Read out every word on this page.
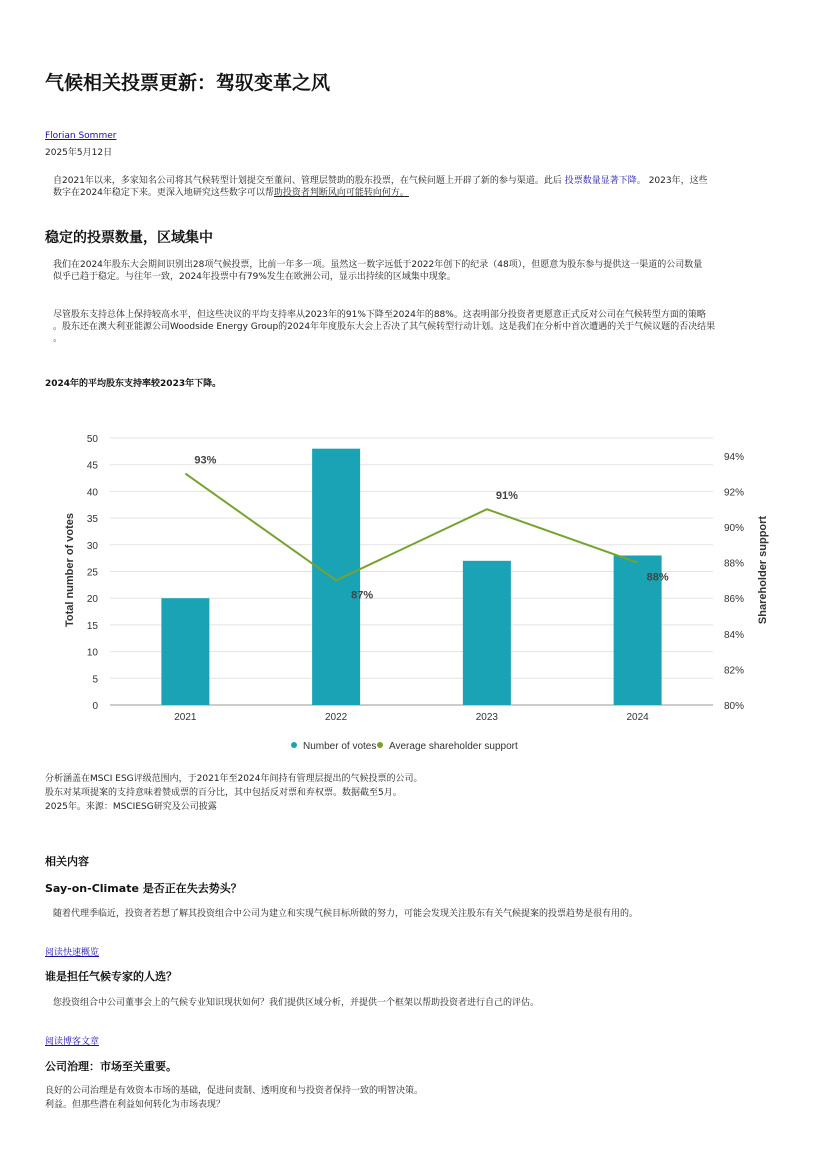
气候相关投票更新：驾驭变革之风
Florian Sommer
2025年5月12日
自2021年以来，多家知名公司将其气候转型计划提交至董问、管理层赞助的股东投票，在气候问题上开辟了新的参与渠道。此后 投票数量显著下降。 2023年，这些
数字在2024年稳定下来。更深入地研究这些数字可以帮助投资者判断风向可能转向何方。
稳定的投票数量，区域集中
我们在2024年股东大会期间识别出28项气候投票，比前一年多一项。虽然这一数字远低于2022年创下的纪录（48项），但愿意为股东参与提供这一渠道的公司数量
似乎已趋于稳定。与往年一致，2024年投票中有79%发生在欧洲公司，显示出持续的区域集中现象。
尽管股东支持总体上保持较高水平，但这些决议的平均支持率从2023年的91%下降至2024年的88%。这表明部分投资者更愿意正式反对公司在气候转型方面的策略
。股东还在澳大利亚能源公司Woodside Energy Group的2024年年度股东大会上否决了其气候转型行动计划。这是我们在分析中首次遭遇的关于气候议题的否决结果
。
2024年的平均股东支持率较2023年下降。
0
5
10
15
20
25
30
35
40
45
50
80%
82%
84%
86%
88%
90%
92%
94%
2021	2022	2023	2024
93%
87%
91%
88%
Total number of votes	Shareholder support
Number of votes Average shareholder support
分析涵盖在MSCI ESG评级范围内，于2021年至2024年间持有管理层提出的气候投票的公司。
股东对某项提案的支持意味着赞成票的百分比，其中包括反对票和弃权票。数据截至5月。
2025年。来源：MSCIESG研究及公司披露
相关内容
Say-on-Climate 是否正在失去势头？
随着代理季临近，投资者若想了解其投资组合中公司为建立和实现气候目标所做的努力，可能会发现关注股东有关气候提案的投票趋势是很有用的。
阅读快速概览
谁是担任气候专家的人选？
您投资组合中公司董事会上的气候专业知识现状如何？我们提供区域分析，并提供一个框架以帮助投资者进行自己的评估。
阅读博客文章
公司治理：市场至关重要。
良好的公司治理是有效资本市场的基础，促进问责制、透明度和与投资者保持一致的明智决策。
利益。但那些潜在利益如何转化为市场表现？
